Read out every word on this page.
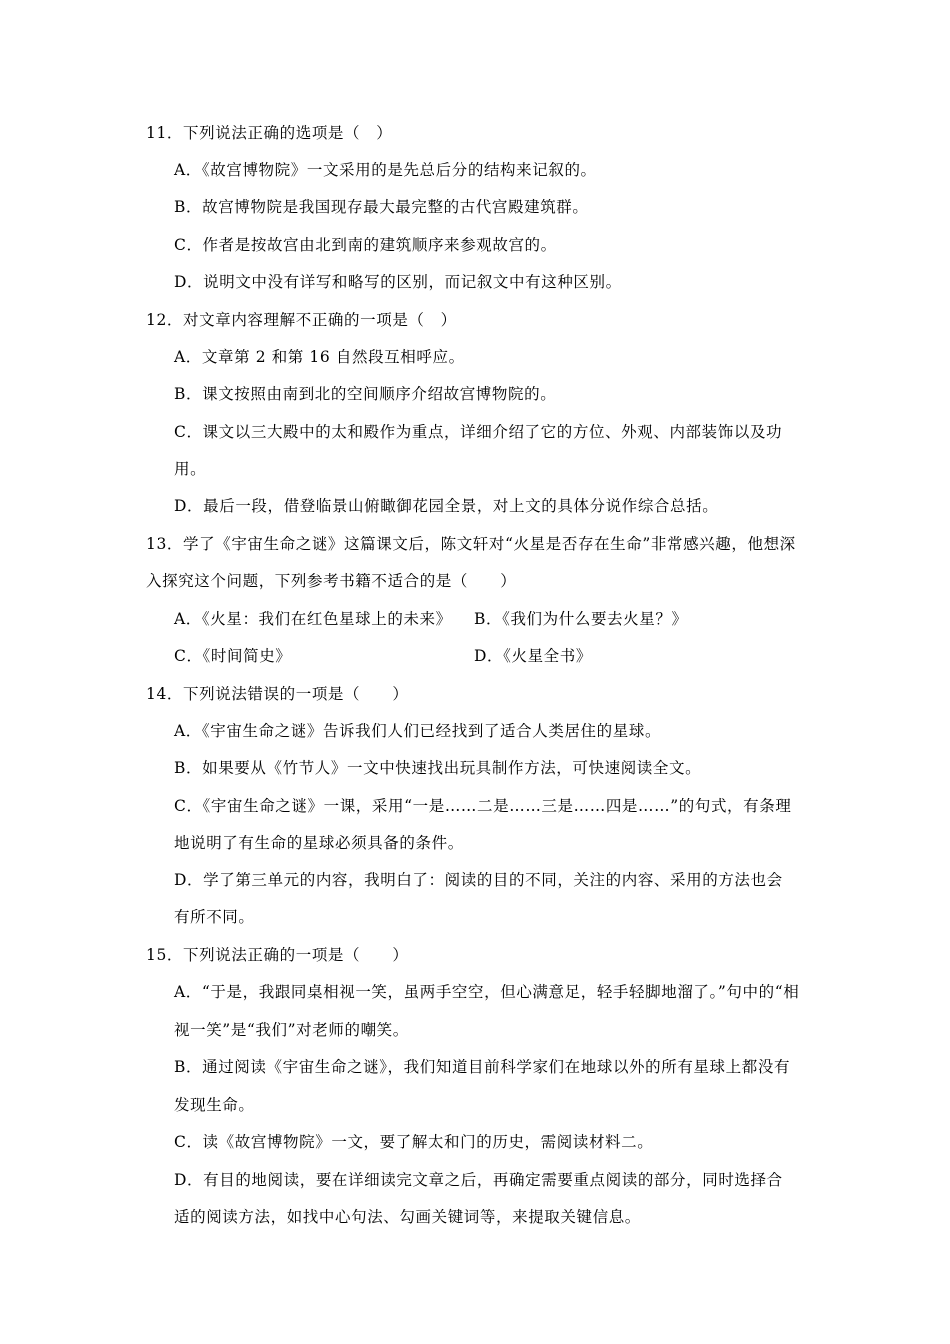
11．下列说法正确的选项是（　）
A．《故宫博物院》一文采用的是先总后分的结构来记叙的。
B．故宫博物院是我国现存最大最完整的古代宫殿建筑群。
C．作者是按故宫由北到南的建筑顺序来参观故宫的。
D．说明文中没有详写和略写的区别，而记叙文中有这种区别。
12．对文章内容理解不正确的一项是（　）
A．文章第 2 和第 16 自然段互相呼应。
B．课文按照由南到北的空间顺序介绍故宫博物院的。
C．课文以三大殿中的太和殿作为重点，详细介绍了它的方位、外观、内部装饰以及功
用。
D．最后一段，借登临景山俯瞰御花园全景，对上文的具体分说作综合总括。
13．学了《宇宙生命之谜》这篇课文后，陈文轩对“火星是否存在生命”非常感兴趣，他想深
入探究这个问题，下列参考书籍不适合的是（　　）
A．《火星：我们在红色星球上的未来》 B．《我们为什么要去火星？》
C．《时间简史》	D．《火星全书》
14．下列说法错误的一项是（　　）
A．《宇宙生命之谜》告诉我们人们已经找到了适合人类居住的星球。
B．如果要从《竹节人》一文中快速找出玩具制作方法，可快速阅读全文。
C．《宇宙生命之谜》一课，采用“一是……二是……三是……四是……”的句式，有条理
地说明了有生命的星球必须具备的条件。
D．学了第三单元的内容，我明白了：阅读的目的不同，关注的内容、采用的方法也会
有所不同。
15．下列说法正确的一项是（　　）
A．“于是，我跟同桌相视一笑，虽两手空空，但心满意足，轻手轻脚地溜了。”句中的“相
视一笑”是“我们”对老师的嘲笑。
B．通过阅读《宇宙生命之谜》，我们知道目前科学家们在地球以外的所有星球上都没有
发现生命。
C．读《故宫博物院》一文，要了解太和门的历史，需阅读材料二。
D．有目的地阅读，要在详细读完文章之后，再确定需要重点阅读的部分，同时选择合
适的阅读方法，如找中心句法、勾画关键词等，来提取关键信息。
